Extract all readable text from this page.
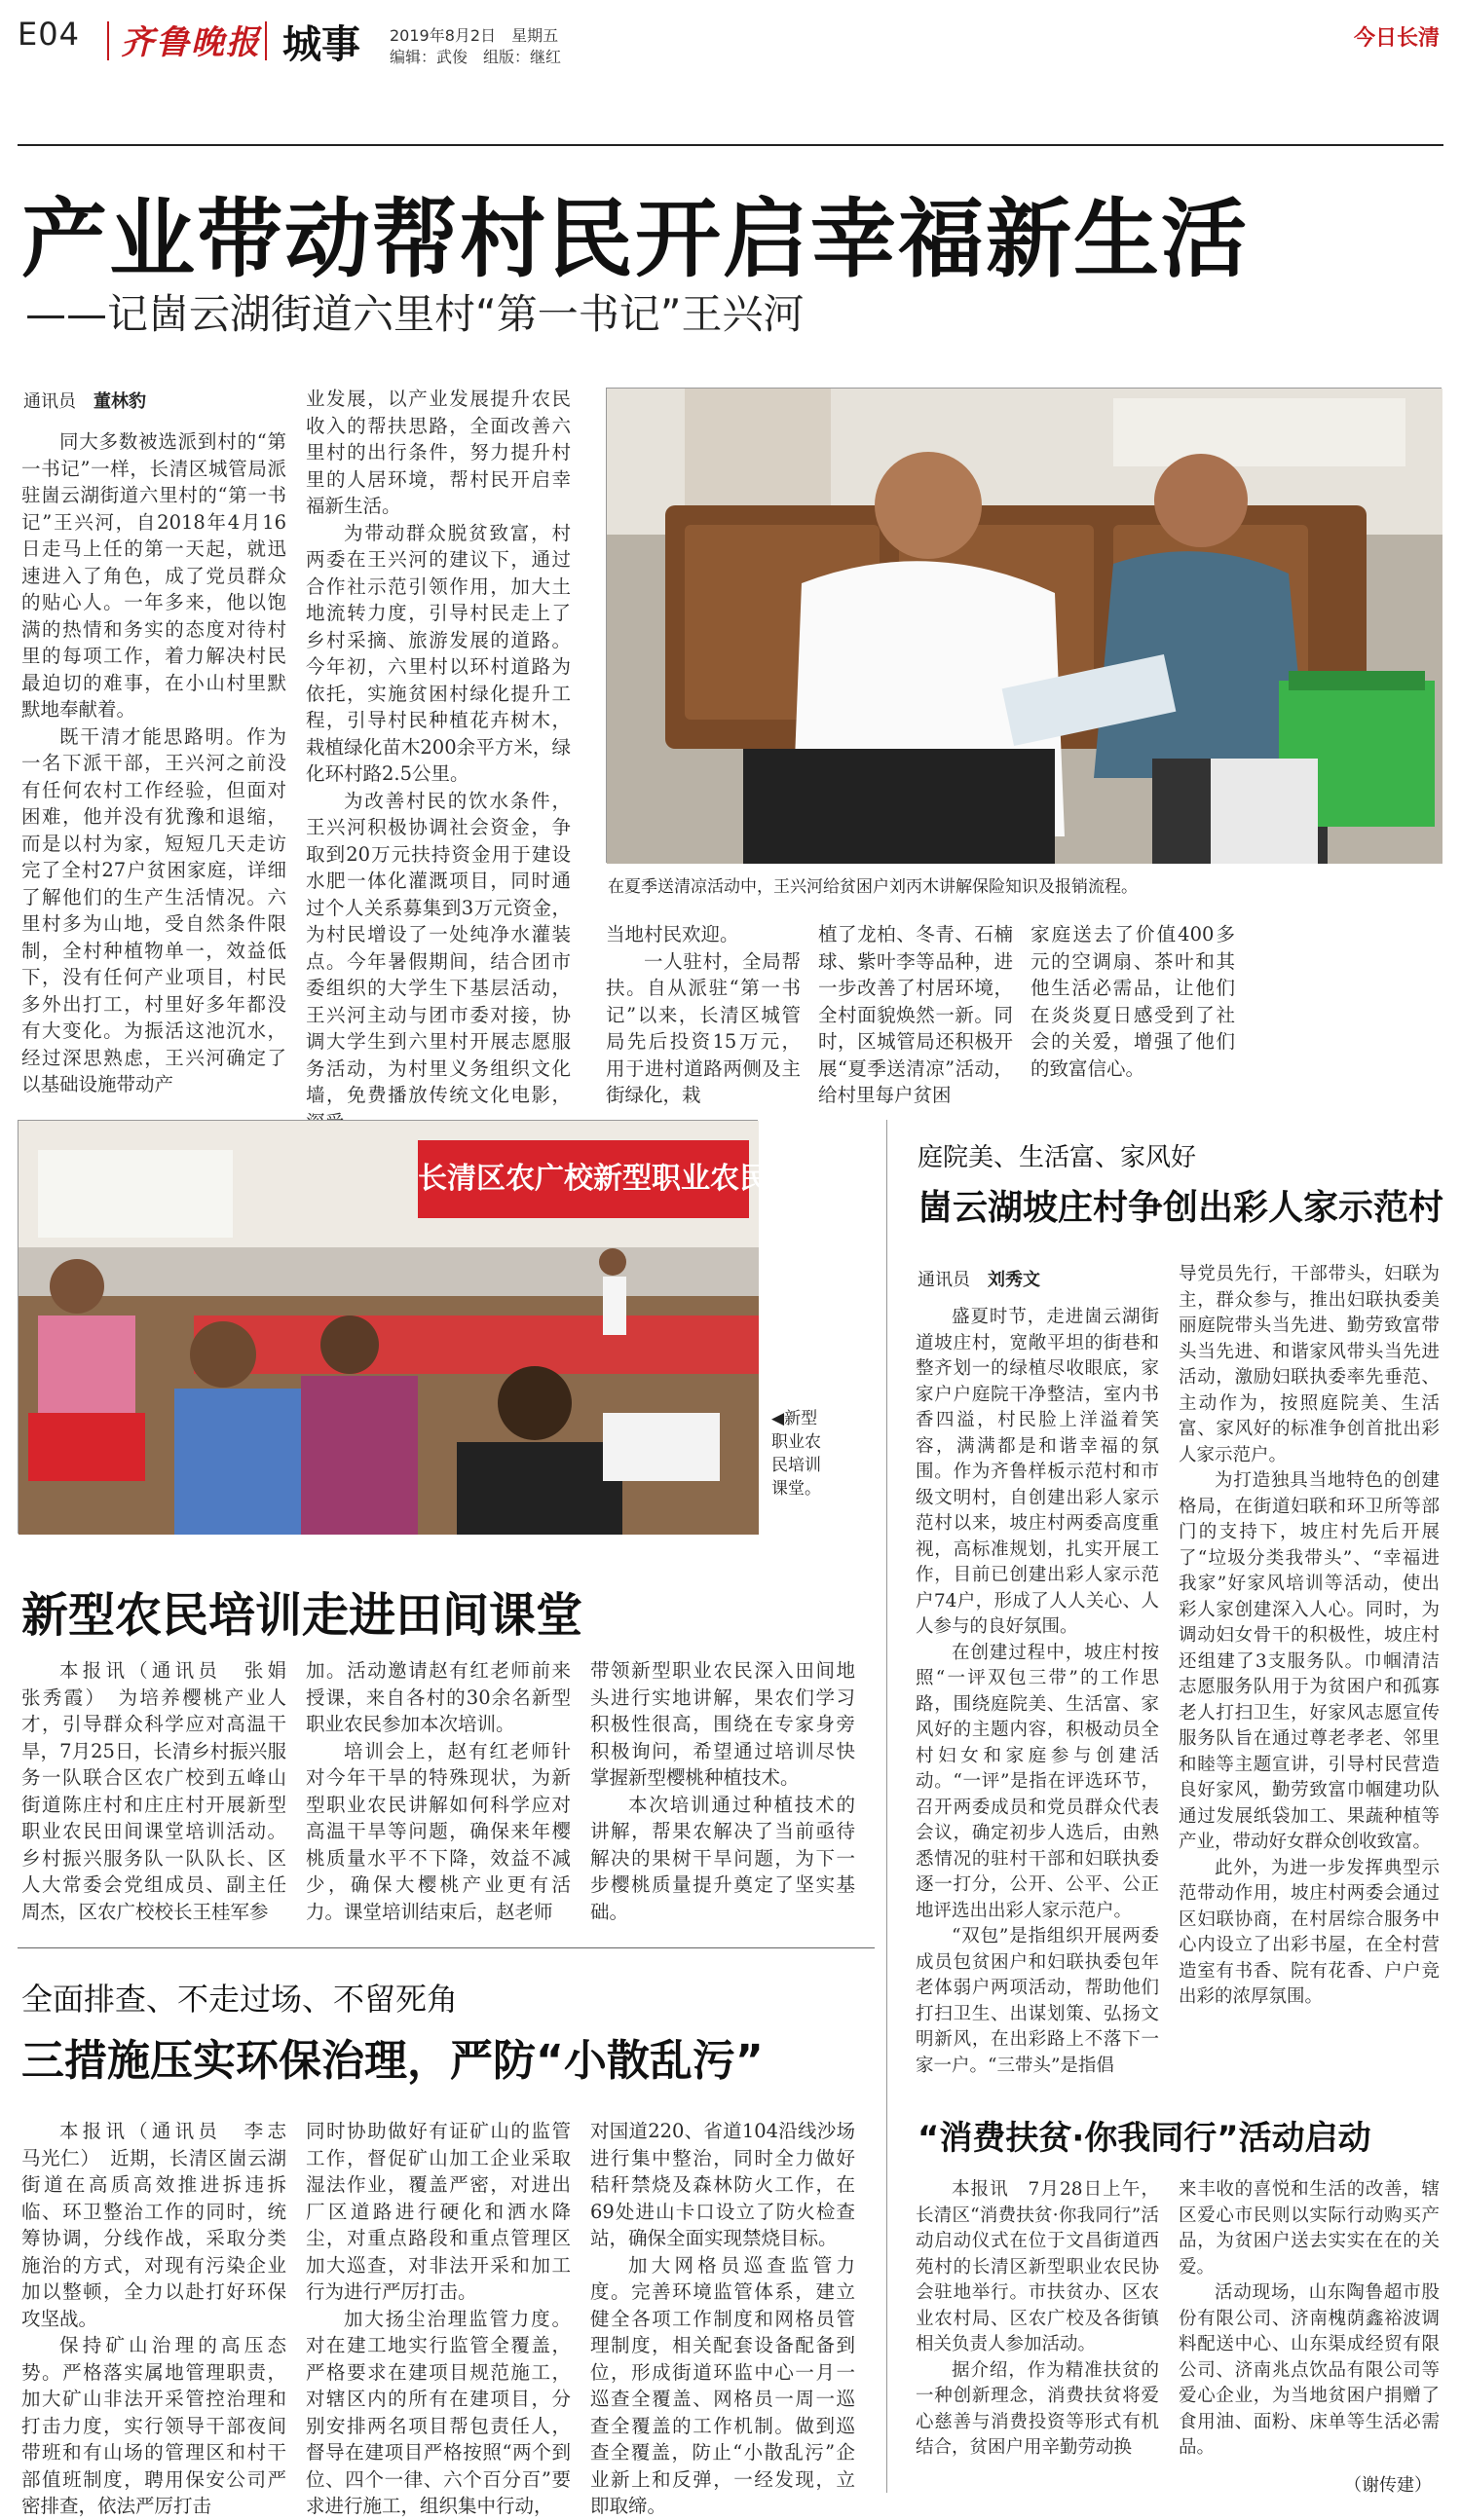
E04 齐鲁晚报 城事 2019年8月2日　星期五
编辑：武俊　组版：继红
今日长清
产业带动帮村民开启幸福新生活
——记崮云湖街道六里村“第一书记”王兴河
通讯员　 董林豹

同大多数被选派到村的“第一书记”一样，长清区城管局派驻崮云湖街道六里村的“第一书记”王兴河，自2018年4月16日走马上任的第一天起，就迅速进入了角色，成了党员群众的贴心人。一年多来，他以饱满的热情和务实的态度对待村里的每项工作，着力解决村民最迫切的难事，在小山村里默默地奉献着。

既干清才能思路明。作为一名下派干部，王兴河之前没有任何农村工作经验，但面对困难，他并没有犹豫和退缩，而是以村为家，短短几天走访完了全村27户贫困家庭，详细了解他们的生产生活情况。六里村多为山地，受自然条件限制，全村种植物单一，效益低下，没有任何产业项目，村民多外出打工，村里好多年都没有大变化。为振活这池沉水，经过深思熟虑，王兴河确定了以基础设施带动产

业发展，以产业发展提升农民收入的帮扶思路，全面改善六里村的出行条件，努力提升村里的人居环境，帮村民开启幸福新生活。

为带动群众脱贫致富，村两委在王兴河的建议下，通过合作社示范引领作用，加大土地流转力度，引导村民走上了乡村采摘、旅游发展的道路。今年初，六里村以环村道路为依托，实施贫困村绿化提升工程，引导村民种植花卉树木，栽植绿化苗木200余平方米，绿化环村路2.5公里。

为改善村民的饮水条件，王兴河积极协调社会资金，争取到20万元扶持资金用于建设水肥一体化灌溉项目，同时通过个人关系募集到3万元资金，为村民增设了一处纯净水灌装点。今年暑假期间，结合团市委组织的大学生下基层活动，王兴河主动与团市委对接，协调大学生到六里村开展志愿服务活动，为村里义务组织文化墙，免费播放传统文化电影，

在夏季送清凉活动中，王兴河给贫困户刘丙木讲解保险知识及报销流程。

当地村民欢迎。

一人驻村，全局帮扶。自从派驻“第一书记”以来，长清区城管局先后投资15万元，用于进村道路两侧及主街绿化，栽

植了龙柏、冬青、石楠球、紫叶李等品种，进一步改善了村居环境，全村面貌焕然一新。同时，区城管局还积极开展“夏季送清凉”活动，给村里每户贫困

家庭送去了价值400多元的空调扇、茶叶和其他生活必需品，让他们在炎炎夏日感受到了社会的关爱，增强了他们的致富信心。

长清区农广校新型职业农民
◀新型职业农民培训课堂。
新型农民培训走进田间课堂

本报讯（通讯员　张娟　张秀霞）　为培养樱桃产业人才，引导群众科学应对高温干旱，7月25日，长清乡村振兴服务一队联合区农广校到五峰山街道陈庄村和庄庄村开展新型职业农民田间课堂培训活动。乡村振兴服务队一队队长、区人大常委会党组成员、副主任周杰，区农广校校长王桂军参

加。活动邀请赵有红老师前来授课，来自各村的30余名新型职业农民参加本次培训。

培训会上，赵有红老师针对今年干旱的特殊现状，为新型职业农民讲解如何科学应对高温干旱等问题，确保来年樱桃质量水平不下降，效益不减少，确保大樱桃产业更有活力。课堂培训结束后，赵老师

带领新型职业农民深入田间地头进行实地讲解，果农们学习积极性很高，围绕在专家身旁积极询问，希望通过培训尽快掌握新型樱桃种植技术。

本次培训通过种植技术的讲解，帮果农解决了当前亟待解决的果树干旱问题，为下一步樱桃质量提升奠定了坚实基础。

全面排查、不走过场、不留死角
三措施压实环保治理，严防“小散乱污”

本报讯（通讯员　李志　马光仁）　近期，长清区崮云湖街道在高质高效推进拆违拆临、环卫整治工作的同时，统筹协调，分线作战，采取分类施治的方式，对现有污染企业加以整顿，全力以赴打好环保攻坚战。

保持矿山治理的高压态势。严格落实属地管理职责，加大矿山非法开采管控治理和打击力度，实行领导干部夜间带班和有山场的管理区和村干部值班制度，聘用保安公司严密排查，依法严厉打击

同时协助做好有证矿山的监管工作，督促矿山加工企业采取湿法作业，覆盖严密，对进出厂区道路进行硬化和洒水降尘，对重点路段和重点管理区加大巡查，对非法开采和加工行为进行严厉打击。

加大扬尘治理监管力度。对在建工地实行监管全覆盖，严格要求在建项目规范施工，对辖区内的所有在建项目，分别安排两名项目帮包责任人，督导在建项目严格按照“两个到位、四个一律、六个百分百”要求进行施工，组织集中行动，

对国道220、省道104沿线沙场进行集中整治，同时全力做好秸秆禁烧及森林防火工作，在69处进山卡口设立了防火检查站，确保全面实现禁烧目标。

加大网格员巡查监管力度。完善环境监管体系，建立健全各项工作制度和网格员管理制度，相关配套设备配备到位，形成街道环监中心一月一巡查全覆盖、网格员一周一巡查全覆盖的工作机制。做到巡查全覆盖，防止“小散乱污”企业新上和反弹，一经发现，立即取缔。

庭院美、生活富、家风好
崮云湖坡庄村争创出彩人家示范村
通讯员　 刘秀文

盛夏时节，走进崮云湖街道坡庄村，宽敞平坦的街巷和整齐划一的绿植尽收眼底，家家户户庭院干净整洁，室内书香四溢，村民脸上洋溢着笑容，满满都是和谐幸福的氛围。作为齐鲁样板示范村和市级文明村，自创建出彩人家示范村以来，坡庄村两委高度重视，高标准规划，扎实开展工作，目前已创建出彩人家示范户74户，形成了人人关心、人人参与的良好氛围。

在创建过程中，坡庄村按照“一评双包三带”的工作思路，围绕庭院美、生活富、家风好的主题内容，积极动员全村妇女和家庭参与创建活动。“一评”是指在评选环节，召开两委成员和党员群众代表会议，确定初步人选后，由熟悉情况的驻村干部和妇联执委逐一打分，公开、公平、公正地评选出出彩人家示范户。

“双包”是指组织开展两委成员包贫困户和妇联执委包年老体弱户两项活动，帮助他们打扫卫生、出谋划策、弘扬文明新风，在出彩路上不落下一家一户。“三带头”是指倡

导党员先行，干部带头，妇联为主，群众参与，推出妇联执委美丽庭院带头当先进、勤劳致富带头当先进、和谐家风带头当先进活动，激励妇联执委率先垂范、主动作为，按照庭院美、生活富、家风好的标准争创首批出彩人家示范户。

为打造独具当地特色的创建格局，在街道妇联和环卫所等部门的支持下，坡庄村先后开展了“垃圾分类我带头”、“幸福进我家”好家风培训等活动，使出彩人家创建深入人心。同时，为调动妇女骨干的积极性，坡庄村还组建了3支服务队。巾帼清洁志愿服务队用于为贫困户和孤寡老人打扫卫生，好家风志愿宣传服务队旨在通过尊老孝老、邻里和睦等主题宣讲，引导村民营造良好家风，勤劳致富巾帼建功队通过发展纸袋加工、果蔬种植等产业，带动好女群众创收致富。

此外，为进一步发挥典型示范带动作用，坡庄村两委会通过区妇联协商，在村居综合服务中心内设立了出彩书屋，在全村营造室有书香、院有花香、户户竞出彩的浓厚氛围。

“消费扶贫·你我同行”活动启动

本报讯　7月28日上午，长清区“消费扶贫·你我同行”活动启动仪式在位于文昌街道西苑村的长清区新型职业农民协会驻地举行。市扶贫办、区农业农村局、区农广校及各街镇相关负责人参加活动。

据介绍，作为精准扶贫的一种创新理念，消费扶贫将爱心慈善与消费投资等形式有机结合，贫困户用辛勤劳动换

来丰收的喜悦和生活的改善，辖区爱心市民则以实际行动购买产品，为贫困户送去实实在在的关爱。

活动现场，山东陶鲁超市股份有限公司、济南槐荫鑫裕波调料配送中心、山东渠成经贸有限公司、济南兆点饮品有限公司等爱心企业，为当地贫困户捐赠了食用油、面粉、床单等生活必需品。

（谢传建）
